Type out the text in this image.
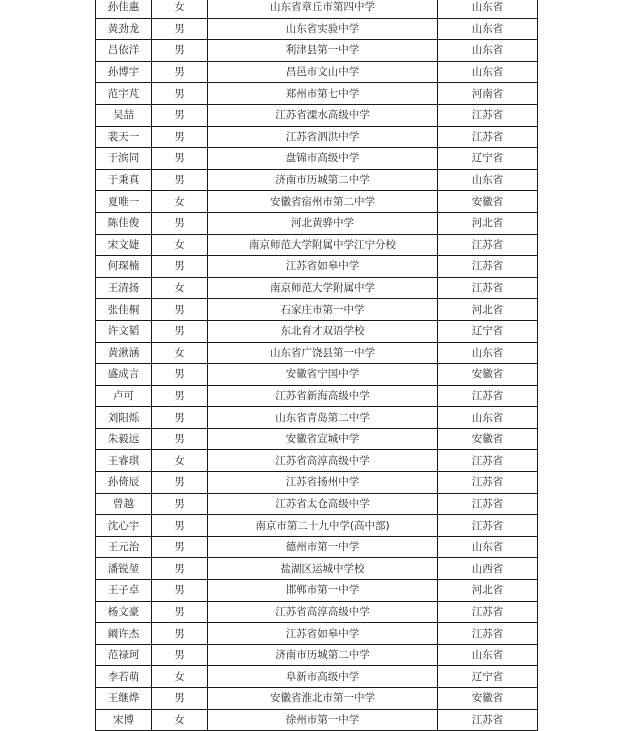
孙佳惠	女	山东省章丘市第四中学	山东省
黄劲龙	男	山东省实验中学	山东省
吕依洋	男	利津县第一中学	山东省
孙博宇	男	昌邑市文山中学	山东省
范宇芃	男	郑州市第七中学	河南省
吴喆	男	江苏省溧水高级中学	江苏省
裴天一	男	江苏省泗洪中学	江苏省
于滨同	男	盘锦市高级中学	辽宁省
于秉真	男	济南市历城第二中学	山东省
夏唯一	女	安徽省宿州市第二中学	安徽省
陈佳俊	男	河北黄骅中学	河北省
宋文婕	女	南京师范大学附属中学江宁分校	江苏省
何琛楠	男	江苏省如皋中学	江苏省
王清扬	女	南京师范大学附属中学	江苏省
张佳桐	男	石家庄市第一中学	河北省
许文韬	男	东北育才双语学校	辽宁省
黄湫涵	女	山东省广饶县第一中学	山东省
盛成言	男	安徽省宁国中学	安徽省
卢可	男	江苏省新海高级中学	江苏省
刘阳烁	男	山东省青岛第二中学	山东省
朱毅远	男	安徽省宣城中学	安徽省
王睿琪	女	江苏省高淳高级中学	江苏省
孙倚辰	男	江苏省扬州中学	江苏省
曾越	男	江苏省太仓高级中学	江苏省
沈心宇	男	南京市第二十九中学(高中部)	江苏省
王元治	男	德州市第一中学	山东省
潘锐堃	男	盐湖区运城中学校	山西省
王子卓	男	邯郸市第一中学	河北省
杨文豪	男	江苏省高淳高级中学	江苏省
阚许杰	男	江苏省如皋中学	江苏省
范禄珂	男	济南市历城第二中学	山东省
李若萌	女	阜新市高级中学	辽宁省
王继烨	男	安徽省淮北市第一中学	安徽省
宋博	女	徐州市第一中学	江苏省
